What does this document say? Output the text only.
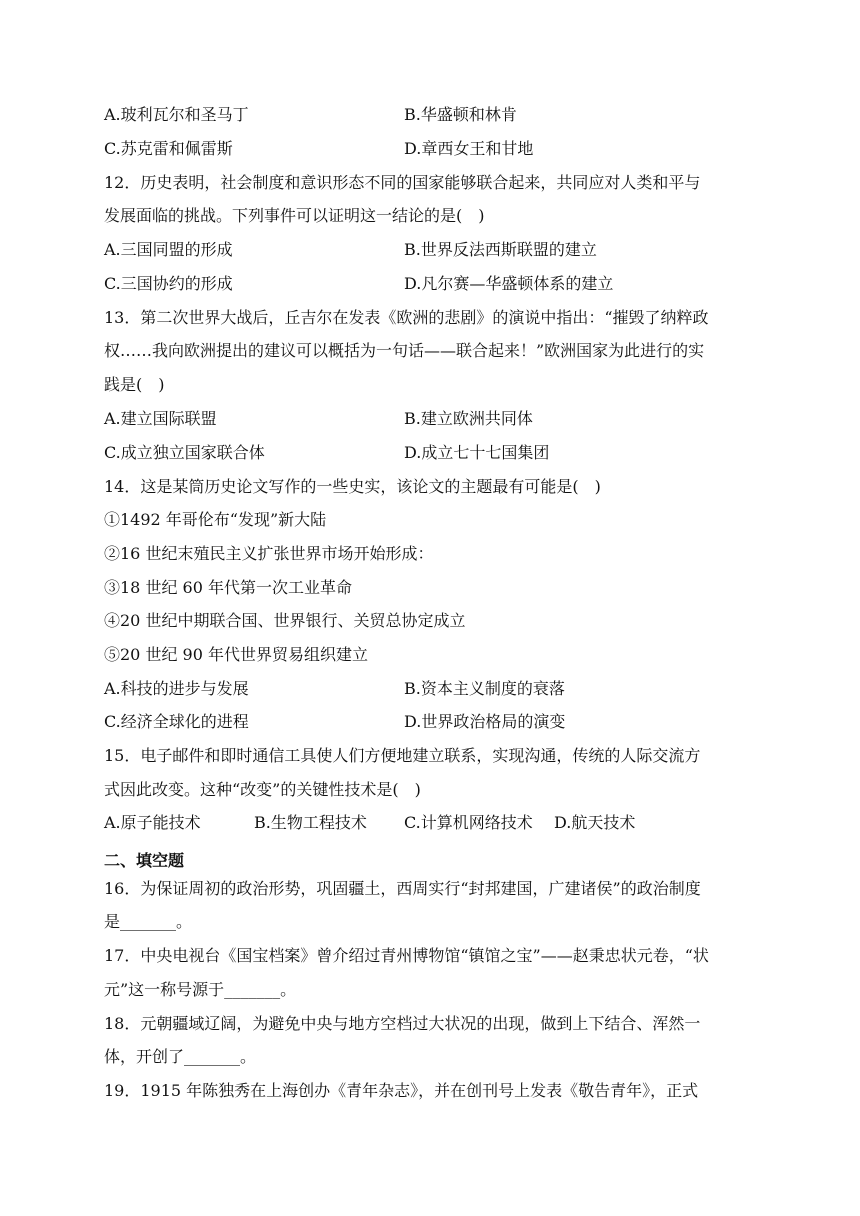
A.玻利瓦尔和圣马丁	B.华盛顿和林肯
C.苏克雷和佩雷斯	D.章西女王和甘地
12．历史表明，社会制度和意识形态不同的国家能够联合起来，共同应对人类和平与
发展面临的挑战。下列事件可以证明这一结论的是(　)
A.三国同盟的形成	B.世界反法西斯联盟的建立
C.三国协约的形成	D.凡尔赛—华盛顿体系的建立
13．第二次世界大战后，丘吉尔在发表《欧洲的悲剧》的演说中指出：“摧毁了纳粹政
权……我向欧洲提出的建议可以概括为一句话——联合起来！”欧洲国家为此进行的实
践是(　)
A.建立国际联盟	B.建立欧洲共同体
C.成立独立国家联合体	D.成立七十七国集团
14．这是某筒历史论文写作的一些史实，该论文的主题最有可能是(　)
①1492 年哥伦布“发现”新大陆
②16 世纪末殖民主义扩张世界市场开始形成：
③18 世纪 60 年代第一次工业革命
④20 世纪中期联合国、世界银行、关贸总协定成立
⑤20 世纪 90 年代世界贸易组织建立
A.科技的进步与发展	B.资本主义制度的衰落
C.经济全球化的进程	D.世界政治格局的演变
15．电子邮件和即时通信工具使人们方便地建立联系，实现沟通，传统的人际交流方
式因此改变。这种“改变”的关键性技术是(　)
A.原子能技术	B.生物工程技术 C.计算机网络技术 D.航天技术
二、填空题
16．为保证周初的政治形势，巩固疆土，西周实行“封邦建国，广建诸侯”的政治制度
是_______。
17．中央电视台《国宝档案》曾介绍过青州博物馆“镇馆之宝”——赵秉忠状元卷，“状
元”这一称号源于_______。
18．元朝疆域辽阔，为避免中央与地方空档过大状况的出现，做到上下结合、浑然一
体，开创了_______。
19．1915 年陈独秀在上海创办《青年杂志》，并在创刊号上发表《敬告青年》，正式
